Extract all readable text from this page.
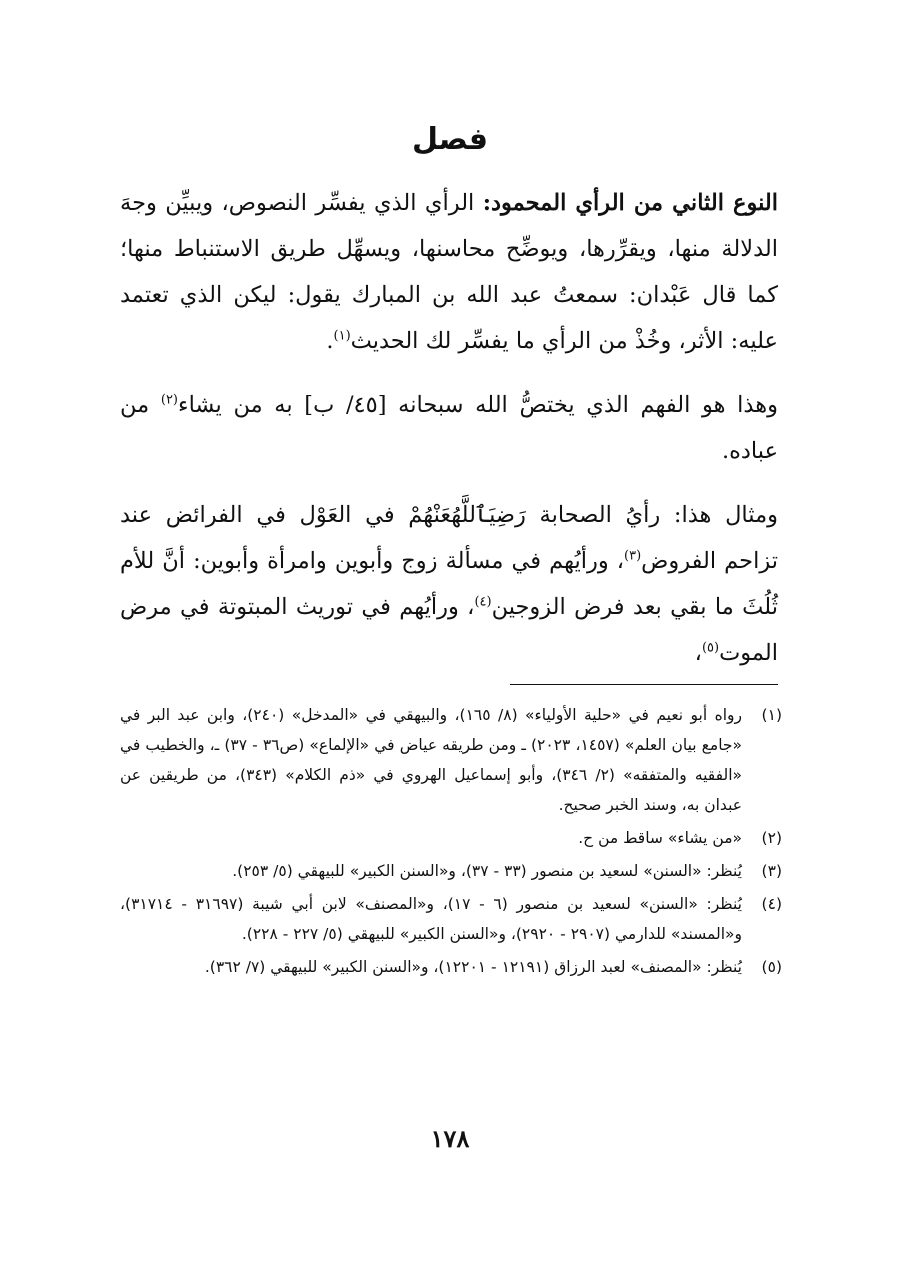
فصل

النوع الثاني من الرأي المحمود: الرأي الذي يفسِّر النصوص، ويبيِّن وجهَ الدلالة منها، ويقرِّرها، ويوضِّح محاسنها، ويسهِّل طريق الاستنباط منها؛ كما قال عَبْدان: سمعتُ عبد الله بن المبارك يقول: ليكن الذي تعتمد عليه: الأثر، وخُذْ من الرأي ما يفسِّر لك الحديث$^{(١)}$.

وهذا هو الفهم الذي يختصُّ الله سبحانه [٤٥/ ب] به من يشاء$^{(٢)}$ من عباده.

ومثال هذا: رأيُ الصحابة رَضِيَٱللَّهُعَنْهُمْ في العَوْل في الفرائض عند تزاحم الفروض$^{(٣)}$، ورأيُهم في مسألة زوج وأبوين وامرأة وأبوين: أنَّ للأم ثُلُثَ ما بقي بعد فرض الزوجين$^{(٤)}$، ورأيُهم في توريث المبتوتة في مرض الموت$^{(٥)}$،

(١)
رواه أبو نعيم في «حلية الأولياء» (٨/ ١٦٥)، والبيهقي في «المدخل» (٢٤٠)، وابن عبد البر في «جامع بيان العلم» (١٤٥٧، ٢٠٢٣) ـ ومن طريقه عياض في «الإلماع» (ص٣٦ - ٣٧) ـ، والخطيب في «الفقيه والمتفقه» (٢/ ٣٤٦)، وأبو إسماعيل الهروي في «ذم الكلام» (٣٤٣)، من طريقين عن عبدان به، وسند الخبر صحيح.
(٢)
«من يشاء» ساقط من ح.
(٣)
يُنظر: «السنن» لسعيد بن منصور (٣٣ - ٣٧)، و«السنن الكبير» للبيهقي (٥/ ٢٥٣).
(٤)
يُنظر: «السنن» لسعيد بن منصور (٦ - ١٧)، و«المصنف» لابن أبي شيبة (٣١٦٩٧ - ٣١٧١٤)، و«المسند» للدارمي (٢٩٠٧ - ٢٩٢٠)، و«السنن الكبير» للبيهقي (٥/ ٢٢٧ - ٢٢٨).
(٥)
يُنظر: «المصنف» لعبد الرزاق (١٢١٩١ - ١٢٢٠١)، و«السنن الكبير» للبيهقي (٧/ ٣٦٢).
١٧٨
